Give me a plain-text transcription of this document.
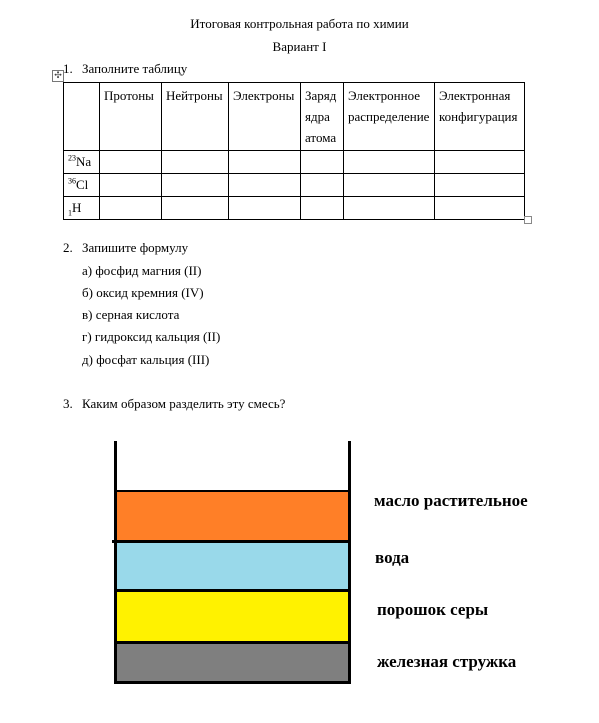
Итоговая контрольная работа по химии
Вариант I
✣ 1. Заполните таблицу
	Протоны	Нейтроны	Электроны	Заряд ядра атома	Электронное распределение	Электронная конфигурация
$^{23}$Na						
$^{36}$Cl						
$_1$H						
2. Запишите формулу
а) фосфид магния (II)
б) оксид кремния (IV)
в) серная кислота
г) гидроксид кальция (II)
д) фосфат кальция (III)
3. Каким образом разделить эту смесь?
масло растительное
вода
порошок серы
железная стружка
